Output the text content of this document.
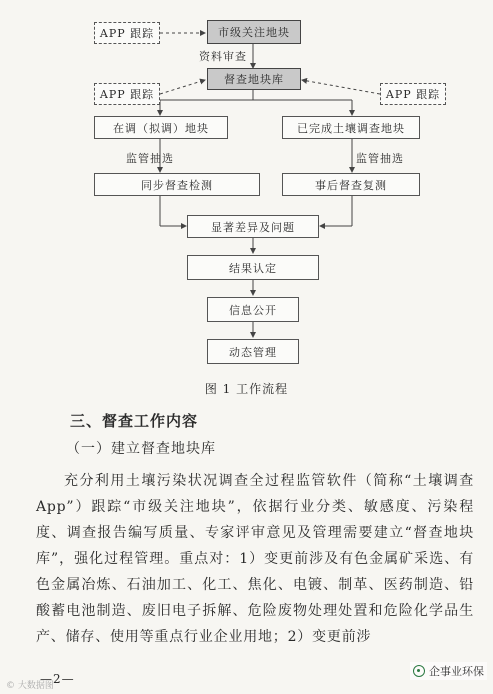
APP 跟踪	市级关注地块
资料审查
督查地块库
APP 跟踪	APP 跟踪
在调（拟调）地块	已完成土壤调查地块
监管抽选	监管抽选
同步督查检测	事后督查复测
显著差异及问题
结果认定
信息公开
动态管理
图 1 工作流程
三、督查工作内容
（一）建立督查地块库
充分利用土壤污染状况调查全过程监管软件（简称“土壤调查 App”）跟踪“市级关注地块”，依据行业分类、敏感度、污染程度、调查报告编写质量、专家评审意见及管理需要建立“督查地块库”，强化过程管理。重点对：1）变更前涉及有色金属矿采选、有色金属冶炼、石油加工、化工、焦化、电镀、制革、医药制造、铅酸蓄电池制造、废旧电子拆解、危险废物处理处置和危险化学品生产、储存、使用等重点行业企业用地；2）变更前涉
—2—
© 大数据图
企事业环保
